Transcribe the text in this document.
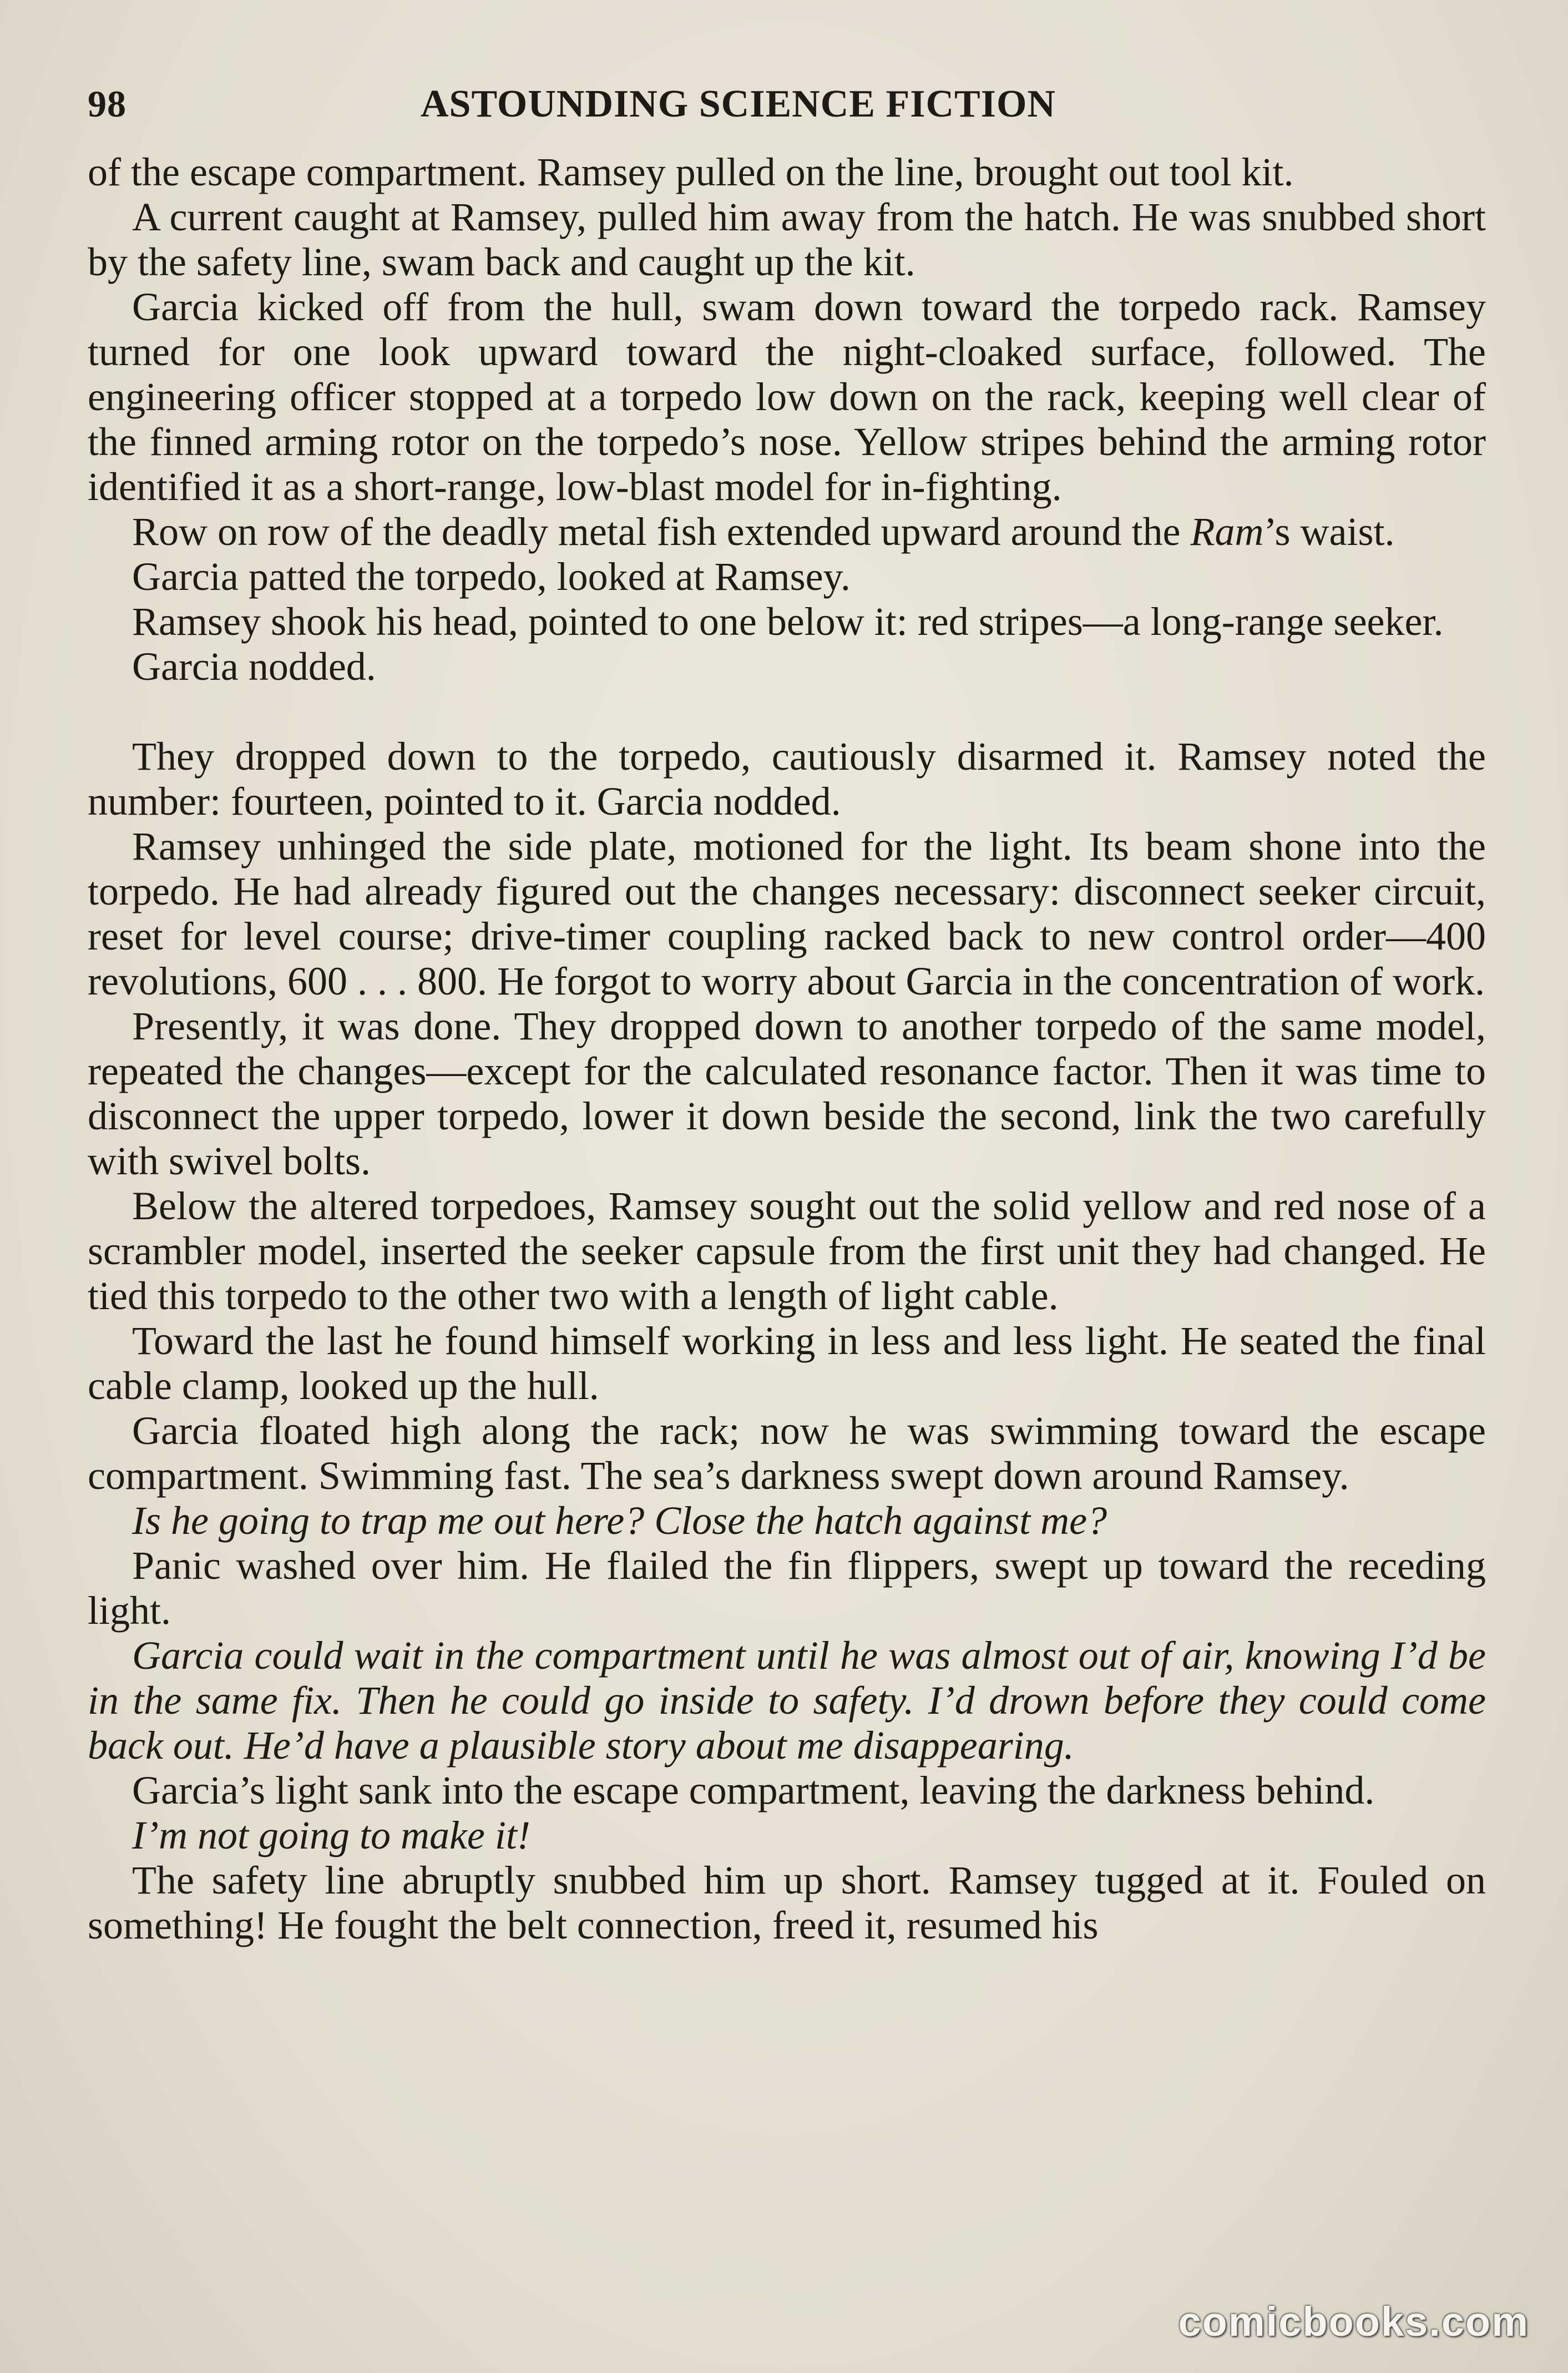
98	ASTOUNDING SCIENCE FICTION

of the escape compartment. Ramsey pulled on the line, brought out tool kit.

A current caught at Ramsey, pulled him away from the hatch. He was snubbed short by the safety line, swam back and caught up the kit.

Garcia kicked off from the hull, swam down toward the torpedo rack. Ramsey turned for one look upward toward the night-cloaked surface, followed. The engineering officer stopped at a torpedo low down on the rack, keeping well clear of the finned arming rotor on the torpedo’s nose. Yellow stripes behind the arming rotor identified it as a short-range, low-blast model for in-fighting.

Row on row of the deadly metal fish extended upward around the Ram’s waist.

Garcia patted the torpedo, looked at Ramsey.

Ramsey shook his head, pointed to one below it: red stripes—a long-range seeker.

Garcia nodded.

They dropped down to the torpedo, cautiously disarmed it. Ramsey noted the number: fourteen, pointed to it. Garcia nodded.

Ramsey unhinged the side plate, motioned for the light. Its beam shone into the torpedo. He had already figured out the changes necessary: disconnect seeker circuit, reset for level course; drive-timer coupling racked back to new control order—400 revolutions, 600 . . . 800. He forgot to worry about Garcia in the concentration of work.

Presently, it was done. They dropped down to another torpedo of the same model, repeated the changes—except for the calculated resonance factor. Then it was time to disconnect the upper torpedo, lower it down beside the second, link the two carefully with swivel bolts.

Below the altered torpedoes, Ramsey sought out the solid yellow and red nose of a scrambler model, inserted the seeker capsule from the first unit they had changed. He tied this torpedo to the other two with a length of light cable.

Toward the last he found himself working in less and less light. He seated the final cable clamp, looked up the hull.

Garcia floated high along the rack; now he was swimming toward the escape compartment. Swimming fast. The sea’s darkness swept down around Ramsey.

Is he going to trap me out here? Close the hatch against me?

Panic washed over him. He flailed the fin flippers, swept up toward the receding light.

Garcia could wait in the compartment until he was almost out of air, knowing I’d be in the same fix. Then he could go inside to safety. I’d drown before they could come back out. He’d have a plausible story about me disappearing.

Garcia’s light sank into the escape compartment, leaving the darkness behind.

I’m not going to make it!

The safety line abruptly snubbed him up short. Ramsey tugged at it. Fouled on something! He fought the belt connection, freed it, resumed his

comicbooks.com
